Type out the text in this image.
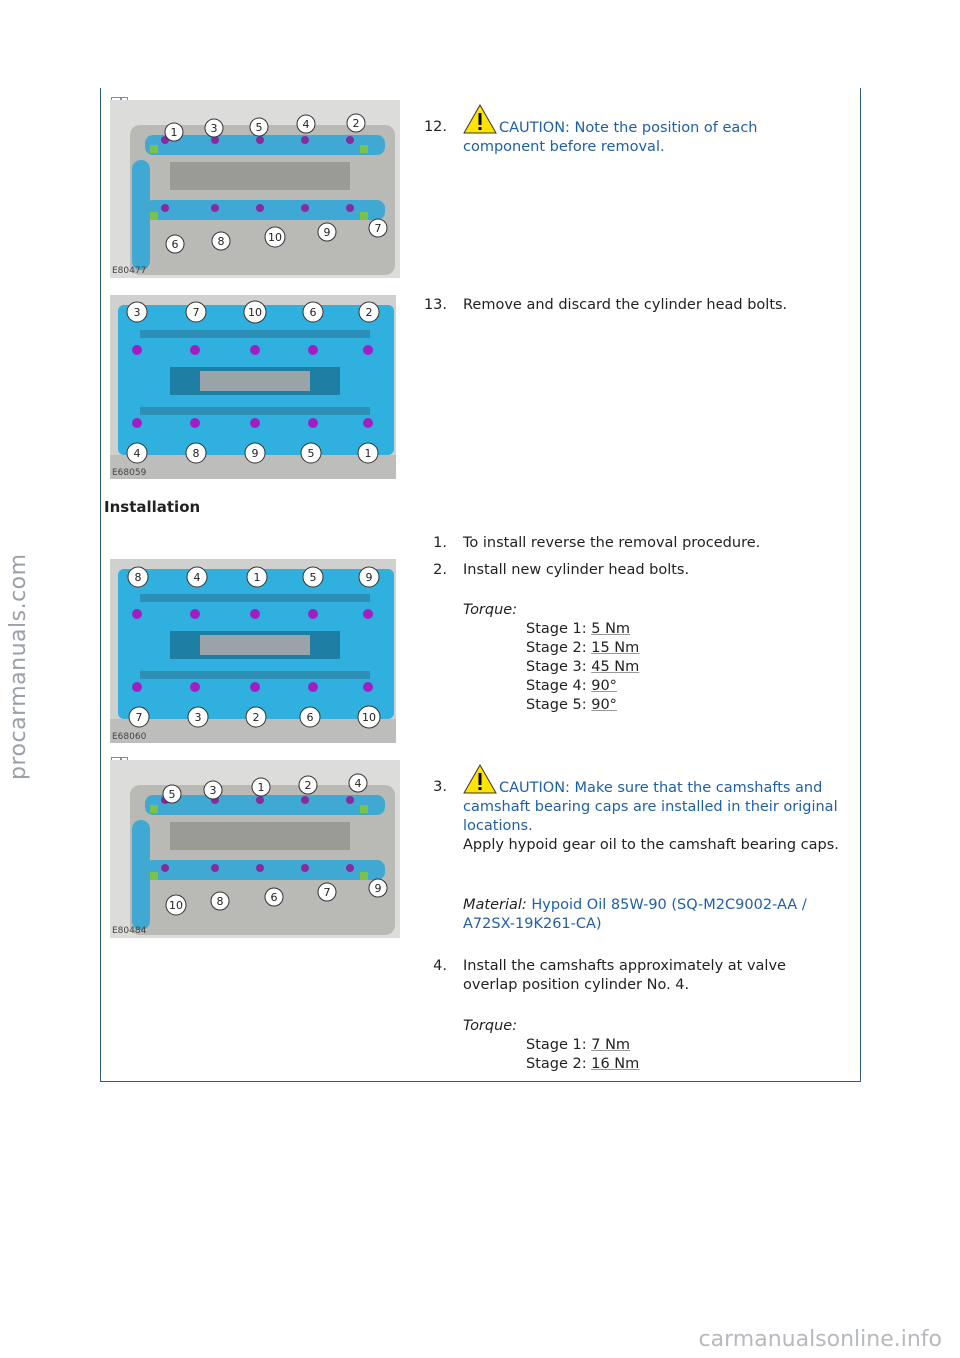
procarmanuals.com
carmanualsonline.info
1	3	5	4	2
6	8	10	9	7
E80477
12.	CAUTION: Note the position of each component before removal.
3	7	10	6	2
4	8	9	5	1
E68059
13. Remove and discard the cylinder head bolts.
Installation
1. To install reverse the removal procedure.
8	4	1	5	9
7	3	2	6	10
E68060
2. Install new cylinder head bolts.
Torque:
Stage 1: 5 Nm
Stage 2: 15 Nm
Stage 3: 45 Nm
Stage 4: 90°
Stage 5: 90°
5	3	1	2	4
10	8	6	7	9
E80484
3.	CAUTION: Make sure that the camshafts and camshaft bearing caps are installed in their original locations.
Apply hypoid gear oil to the camshaft bearing caps.
Material: Hypoid Oil 85W-90 (SQ-M2C9002-AA / A72SX-19K261-CA)
4. Install the camshafts approximately at valve overlap position cylinder No. 4.
Torque:
Stage 1: 7 Nm
Stage 2: 16 Nm
